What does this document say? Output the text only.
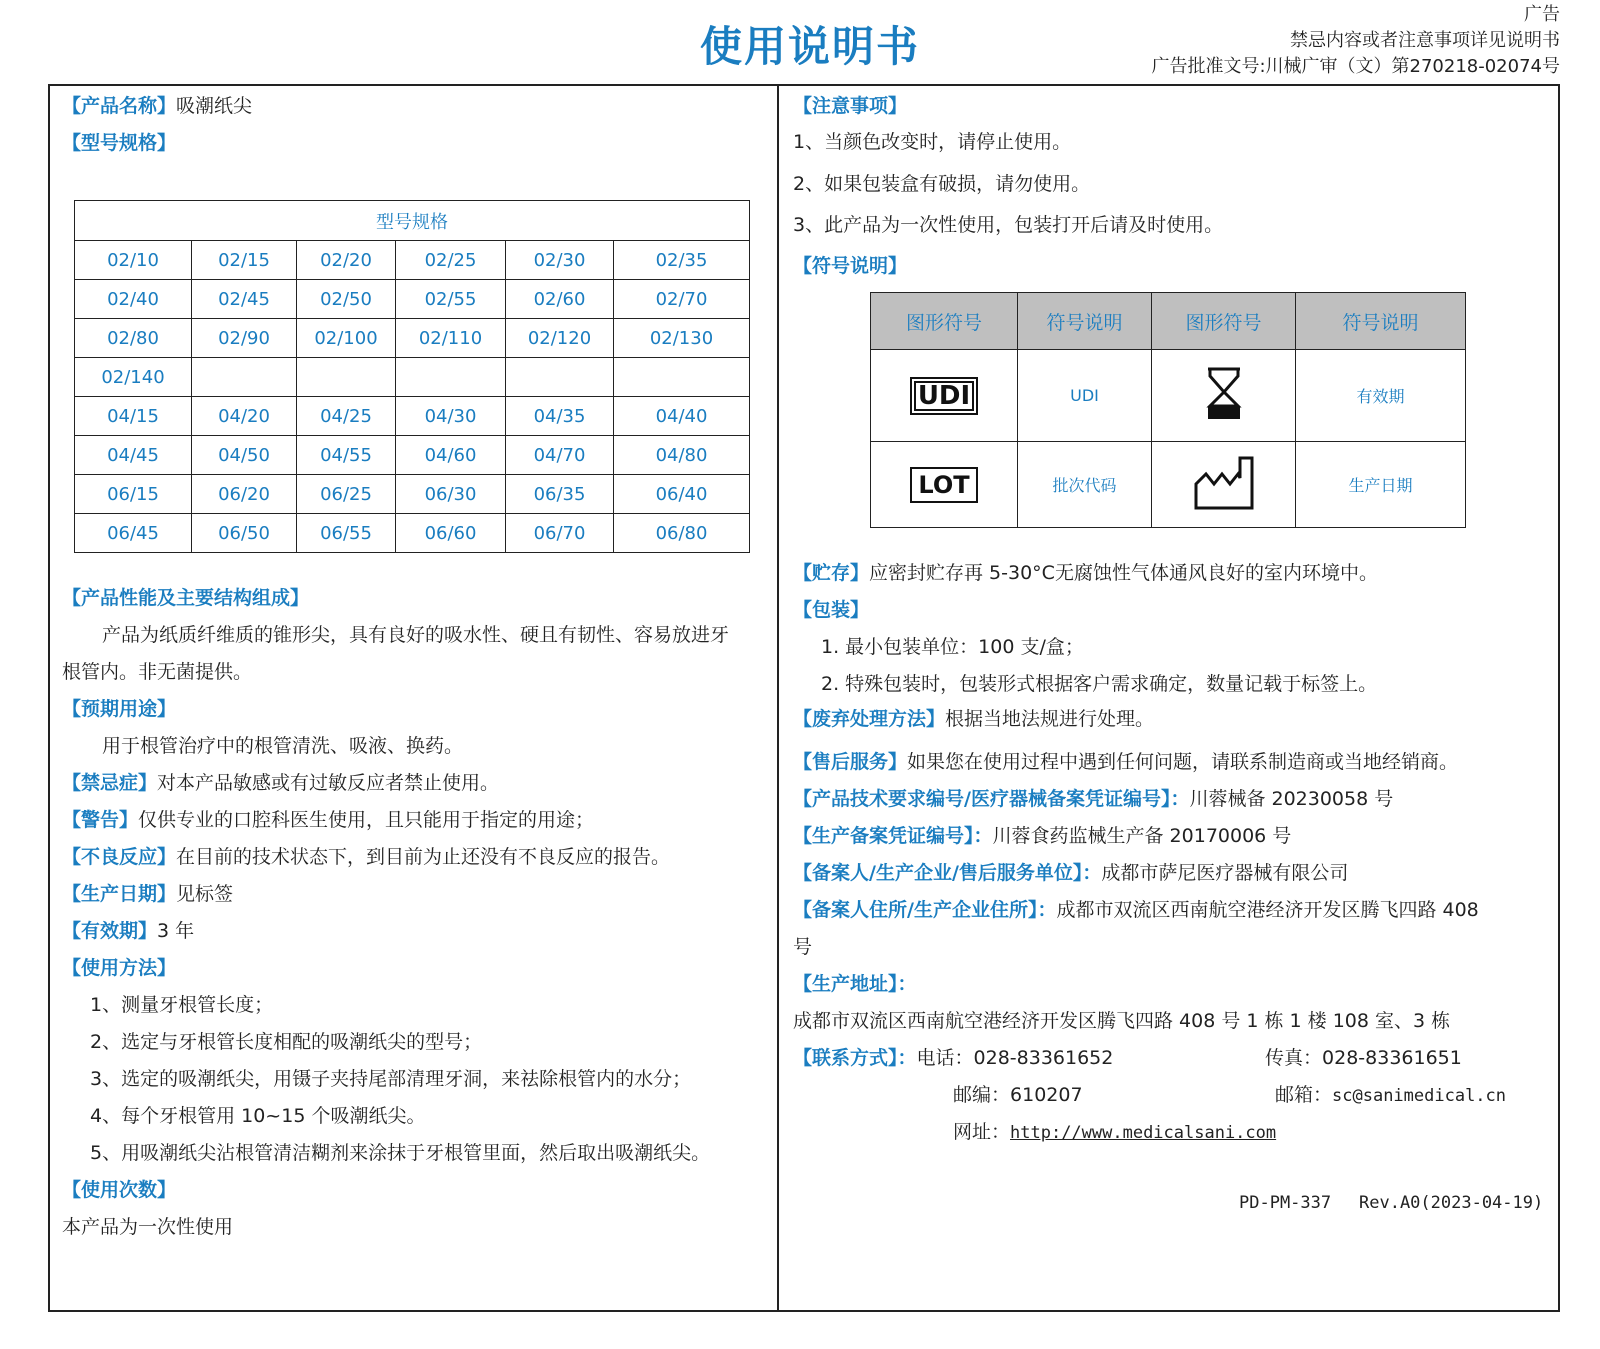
使用说明书
广告
禁忌内容或者注意事项详见说明书
广告批准文号:川械广审（文）第270218-02074号
【产品名称】吸潮纸尖
【型号规格】
型号规格					
02/10	02/15	02/20	02/25	02/30	02/35
02/40	02/45	02/50	02/55	02/60	02/70
02/80	02/90	02/100	02/110	02/120	02/130
02/140					
04/15	04/20	04/25	04/30	04/35	04/40
04/45	04/50	04/55	04/60	04/70	04/80
06/15	06/20	06/25	06/30	06/35	06/40
06/45	06/50	06/55	06/60	06/70	06/80
【产品性能及主要结构组成】
产品为纸质纤维质的锥形尖，具有良好的吸水性、硬且有韧性、容易放进牙
根管内。非无菌提供。
【预期用途】
用于根管治疗中的根管清洗、吸液、换药。
【禁忌症】对本产品敏感或有过敏反应者禁止使用。
【警告】仅供专业的口腔科医生使用，且只能用于指定的用途；
【不良反应】在目前的技术状态下，到目前为止还没有不良反应的报告。
【生产日期】见标签
【有效期】3 年
【使用方法】
1、测量牙根管长度；
2、选定与牙根管长度相配的吸潮纸尖的型号；
3、选定的吸潮纸尖，用镊子夹持尾部清理牙洞，来祛除根管内的水分；
4、每个牙根管用 10~15 个吸潮纸尖。
5、用吸潮纸尖沾根管清洁糊剂来涂抹于牙根管里面，然后取出吸潮纸尖。
【使用次数】
本产品为一次性使用
【注意事项】
1、当颜色改变时，请停止使用。
2、如果包装盒有破损，请勿使用。
3、此产品为一次性使用，包装打开后请及时使用。
【符号说明】
图形符号	符号说明	图形符号	符号说明
UDI	UDI		有效期
LOT	批次代码		生产日期
【贮存】应密封贮存再 5-30°C无腐蚀性气体通风良好的室内环境中。
【包装】
1. 最小包装单位：100 支/盒；
2. 特殊包装时，包装形式根据客户需求确定，数量记载于标签上。
【废弃处理方法】根据当地法规进行处理。
【售后服务】如果您在使用过程中遇到任何问题，请联系制造商或当地经销商。
【产品技术要求编号/医疗器械备案凭证编号】：川蓉械备 20230058 号
【生产备案凭证编号】：川蓉食药监械生产备 20170006 号
【备案人/生产企业/售后服务单位】：成都市萨尼医疗器械有限公司
【备案人住所/生产企业住所】：成都市双流区西南航空港经济开发区腾飞四路 408
号
【生产地址】：
成都市双流区西南航空港经济开发区腾飞四路 408 号 1 栋 1 楼 108 室、3 栋
【联系方式】：电话：028-83361652	传真：028-83361651
邮编：610207	邮箱：sc@sanimedical.cn
网址：http://www.medicalsani.com
PD-PM-337 Rev.A0(2023-04-19)
